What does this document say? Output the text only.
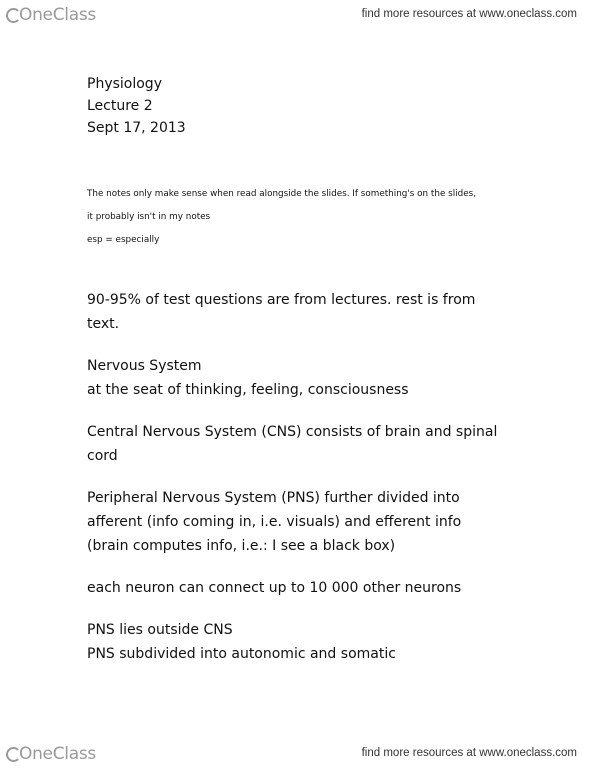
OneClass	find more resources at www.oneclass.com

Physiology

Lecture 2

Sept 17, 2013

The notes only make sense when read alongside the slides. If something's on the slides,

it probably isn't in my notes

esp = especially

90-95% of test questions are from lectures. rest is from

text.

Nervous System

at the seat of thinking, feeling, consciousness

Central Nervous System (CNS) consists of brain and spinal

cord

Peripheral Nervous System (PNS) further divided into

afferent (info coming in, i.e. visuals) and efferent info

(brain computes info, i.e.: I see a black box)

each neuron can connect up to 10 000 other neurons

PNS lies outside CNS

PNS subdivided into autonomic and somatic

OneClass	find more resources at www.oneclass.com
